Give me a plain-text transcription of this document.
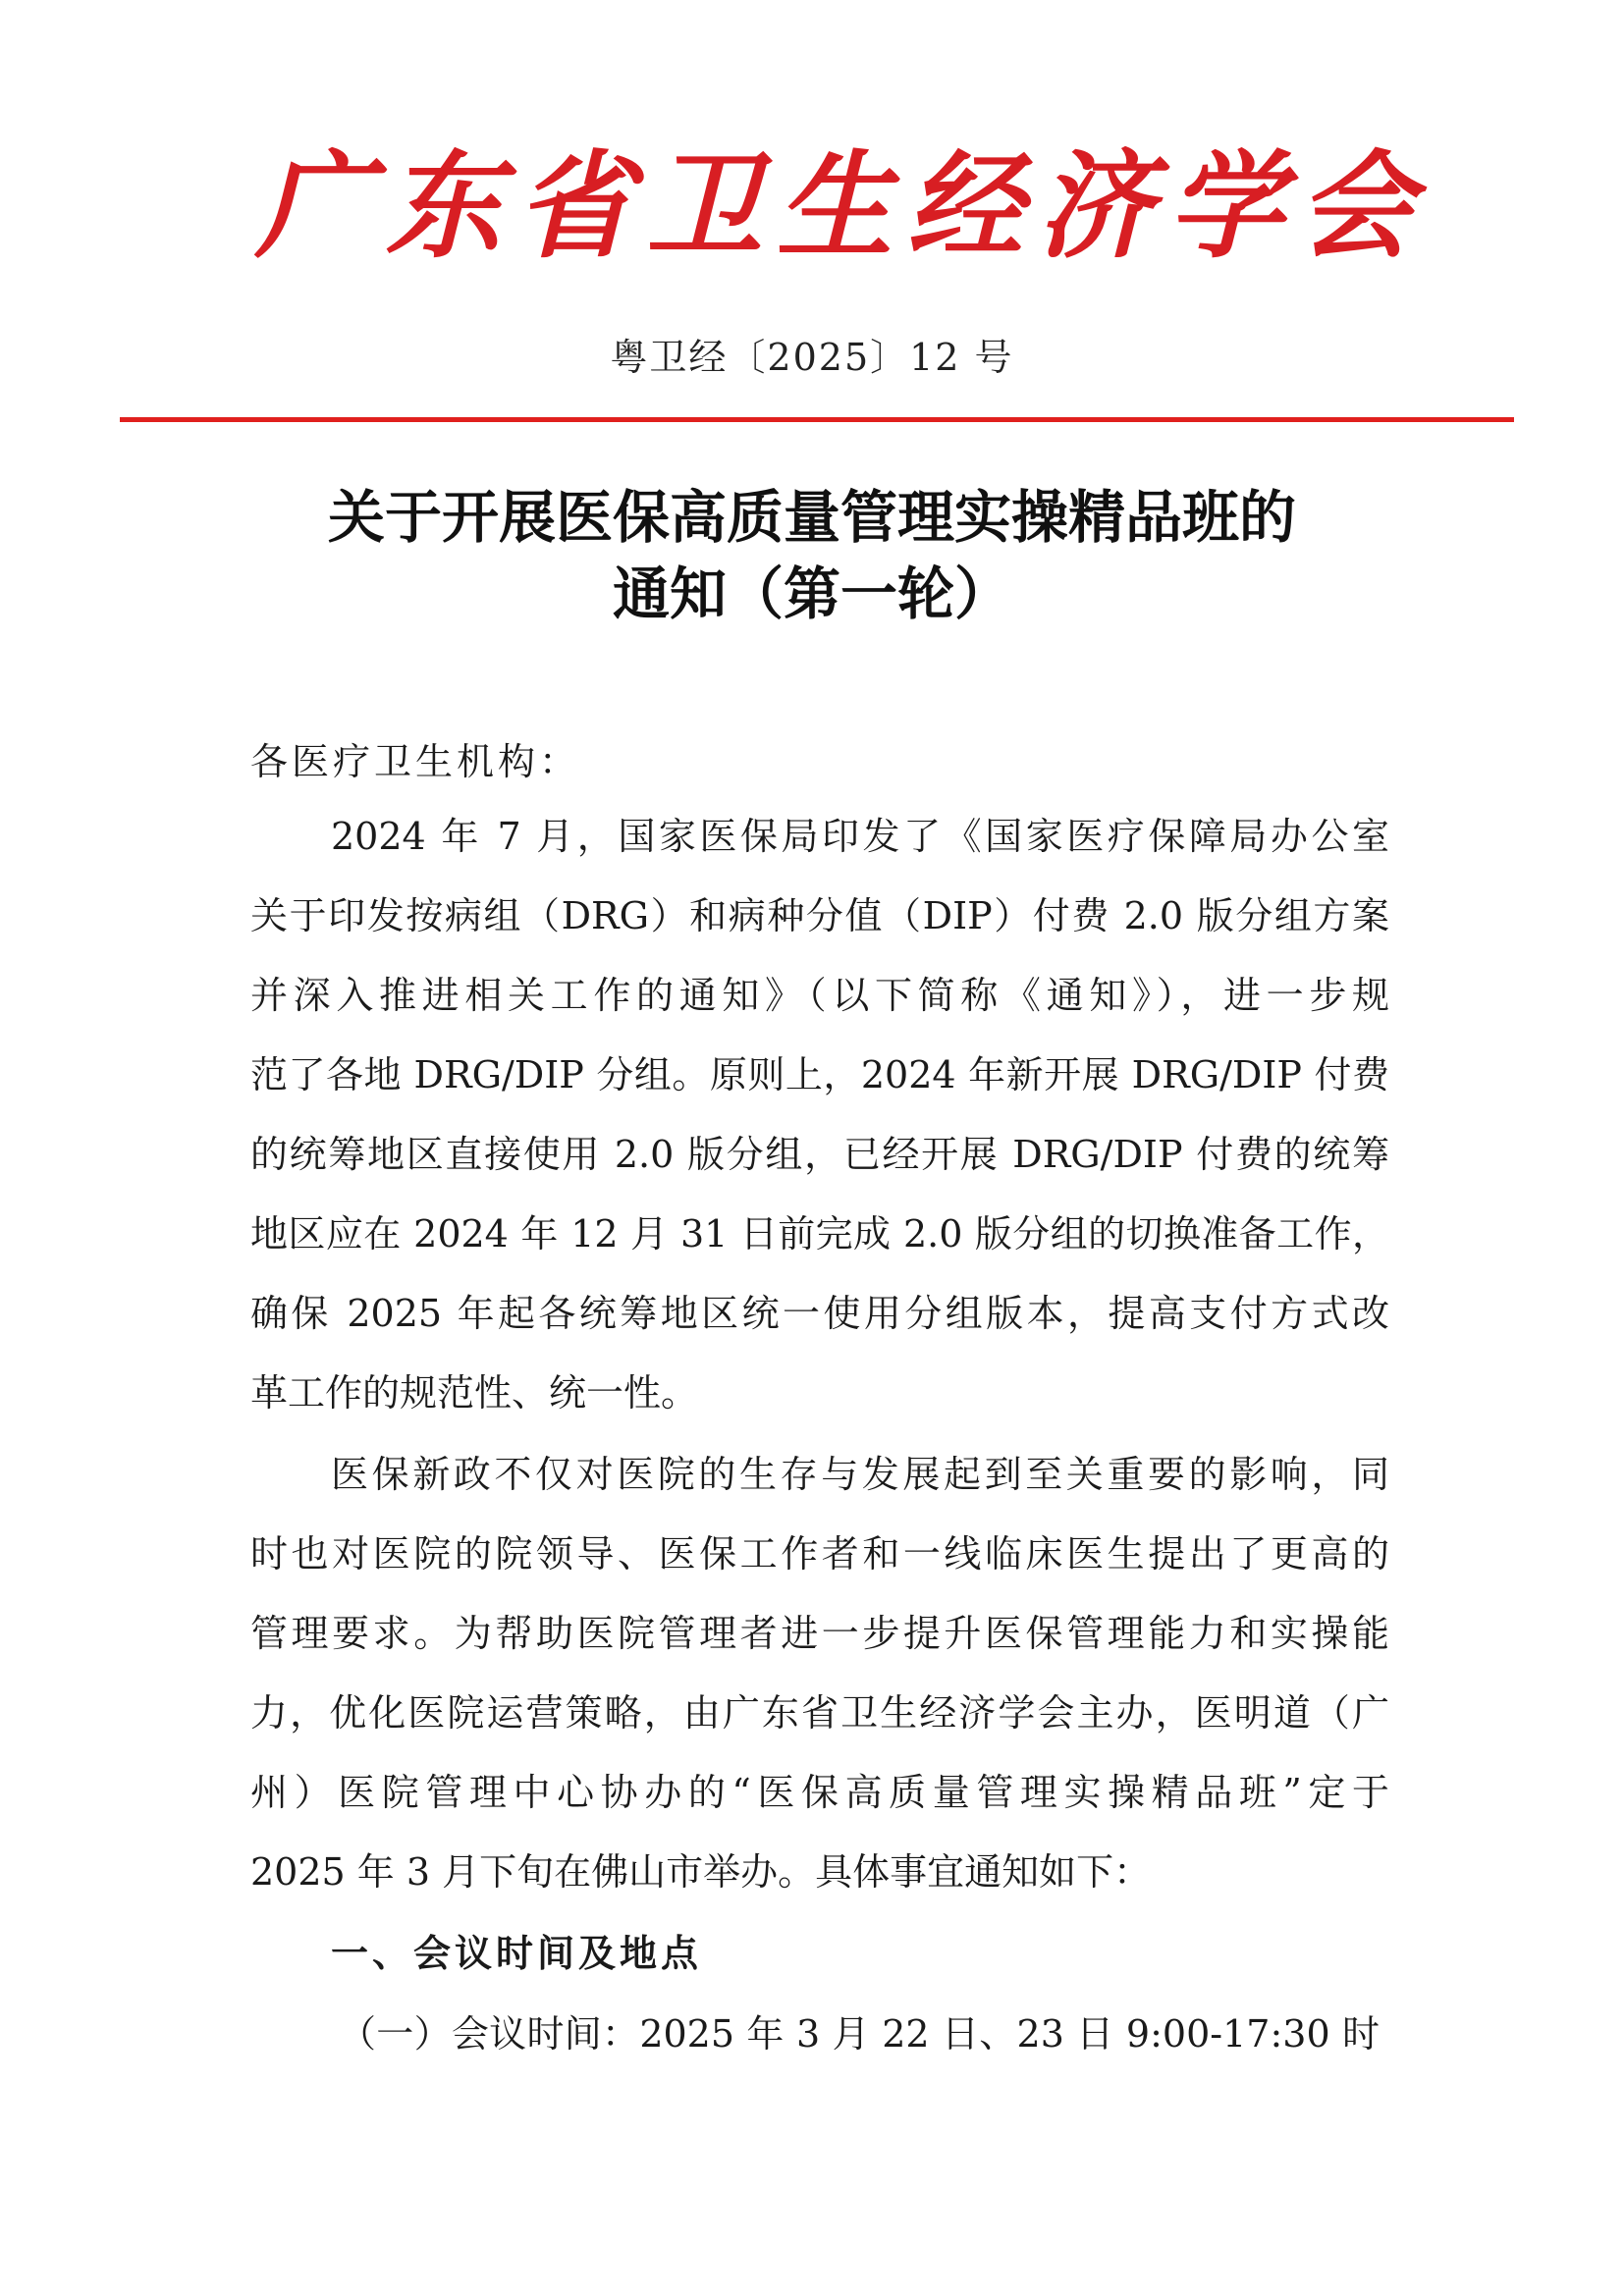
广 东 省 卫 生 经 济 学 会
粤卫经〔2025〕12 号
关于开展医保高质量管理实操精品班的
通知（第一轮）
各医疗卫生机构：
2024 年 7 月，国家医保局印发了《国家医疗保障局办公室
关于印发按病组（DRG）和病种分值（DIP）付费 2.0 版分组方案
并深入推进相关工作的通知》（以下简称《通知》），进一步规
范了各地 DRG/DIP 分组。原则上，2024 年新开展 DRG/DIP 付费
的统筹地区直接使用 2.0 版分组，已经开展 DRG/DIP 付费的统筹
地区应在 2024 年 12 月 31 日前完成 2.0 版分组的切换准备工作，
确保 2025 年起各统筹地区统一使用分组版本，提高支付方式改
革工作的规范性、统一性。
医保新政不仅对医院的生存与发展起到至关重要的影响，同
时也对医院的院领导、医保工作者和一线临床医生提出了更高的
管理要求。为帮助医院管理者进一步提升医保管理能力和实操能
力，优化医院运营策略，由广东省卫生经济学会主办，医明道（广
州）医院管理中心协办的“医保高质量管理实操精品班”定于
2025 年 3 月下旬在佛山市举办。具体事宜通知如下：
一、会议时间及地点
（一）会议时间：2025 年 3 月 22 日、23 日 9:00-17:30 时
